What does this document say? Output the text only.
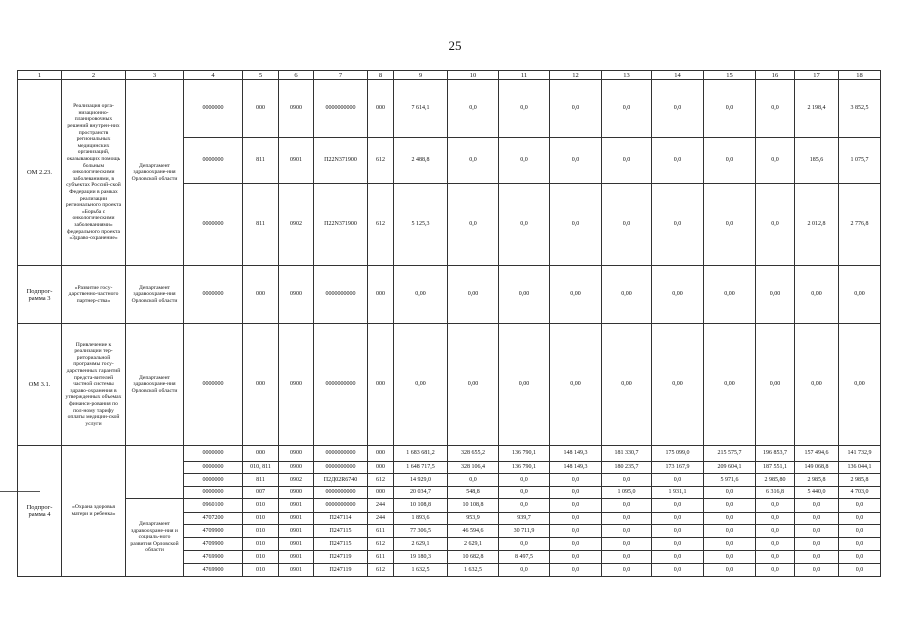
25
1	2	3	4	5	6	7	8	9	10	11	12	13	14	15	16	17	18	
ОМ 2.23.	Реализация орга-низационно-планировочных решений внутрен-них пространств региональных медицинских организаций, оказывающих помощь больным онкологическими заболеваниями, в субъектах Россий-ской Федерации в рамках реализации регионального проекта «Борьба с онкологическими заболеваниями» федерального проекта «Здраво-охранение»	Департамент здравоохране-ния Орловской области	0000000	000	0900	0000000000	000	7 614,1	0,0	0,0	0,0	0,0	0,0	0,0	0,0	2 198,4	3 852,5	
			0000000	811	0901	П22N371900	612	2 488,8	0,0	0,0	0,0	0,0	0,0	0,0	0,0	185,6	1 075,7	
			0000000	811	0902	П22N371900	612	5 125,3	0,0	0,0	0,0	0,0	0,0	0,0	0,0	2 012,8	2 776,8	
Подпрог-рамма 3	«Развитие госу-дарственно-частного партнер-ства»	Департамент здравоохране-ния Орловской области	0000000	000	0900	0000000000	000	0,00	0,00	0,00	0,00	0,00	0,00	0,00	0,00	0,00	0,00	
ОМ 3.1.	Привлечение к реализации тер-риториальной программы госу-дарственных гарантий предста-вителей частной системы здраво-охранения в утвержденных объемах финанси-рования по пол-ному тарифу оплаты медицин-ской услуги	Департамент здравоохране-ния Орловской области	0000000	000	0900	0000000000	000	0,00	0,00	0,00	0,00	0,00	0,00	0,00	0,00	0,00	0,00	
Подпрог-рамма 4	«Охрана здоровья матери и ребенка»		0000000	000	0900	0000000000	000	1 683 681,2	328 655,2	136 790,1	148 149,3	181 330,7	175 099,0	215 575,7	196 853,7	157 494,6	141 732,9	
			0000000	010, 811	0900	0000000000	000	1 648 717,5	328 106,4	136 790,1	148 149,3	180 235,7	173 167,9	209 604,1	187 551,1	149 068,8	136 044,1	
			0000000	811	0902	П2Д02R6740	612	14 929,0	0,0	0,0	0,0	0,0	0,0	5 971,6	2 985,80	2 985,8	2 985,8	
			0000000	007	0900	0000000000	000	20 034,7	548,8	0,0	0,0	1 095,0	1 931,1	0,0	6 316,8	5 440,0	4 703,0	
		Департамент здравоохране-ния и социаль-ного развития Орловской области	0960100	010	0901	0000000000	244	10 108,8	10 108,8	0,0	0,0	0,0	0,0	0,0	0,0	0,0	0,0	
			4707200	010	0901	П247114	244	1 893,6	953,9	939,7	0,0	0,0	0,0	0,0	0,0	0,0	0,0	
			4709900	010	0901	П247115	611	77 306,5	46 594,6	30 711,9	0,0	0,0	0,0	0,0	0,0	0,0	0,0	
			4709900	010	0901	П247115	612	2 629,1	2 629,1	0,0	0,0	0,0	0,0	0,0	0,0	0,0	0,0	
			4769900	010	0901	П247119	611	19 180,3	10 682,8	8 497,5	0,0	0,0	0,0	0,0	0,0	0,0	0,0	
			4769900	010	0901	П247119	612	1 632,5	1 632,5	0,0	0,0	0,0	0,0	0,0	0,0	0,0	0,0	
